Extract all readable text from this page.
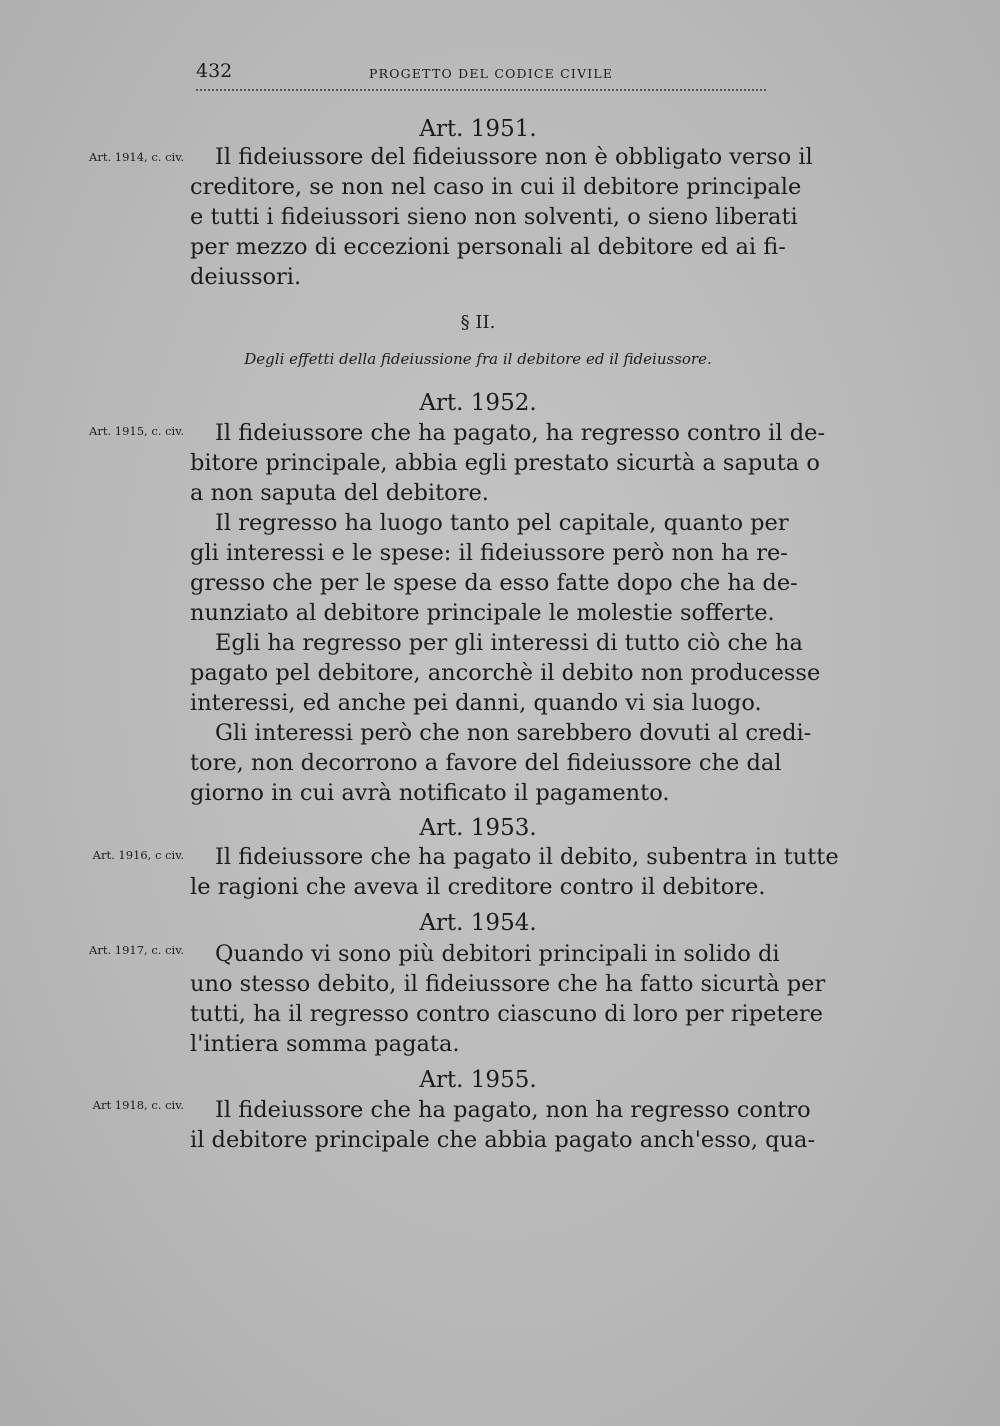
432	PROGETTO DEL CODICE CIVILE
Art. 1951.
Art. 1914, c. civ.	Il fideiussore del fideiussore non è obbligato verso il
creditore, se non nel caso in cui il debitore principale
e tutti i fideiussori sieno non solventi, o sieno liberati
per mezzo di eccezioni personali al debitore ed ai fi-
deiussori.
§ II.
Degli effetti della fideiussione fra il debitore ed il fideiussore.
Art. 1952.
Art. 1915, c. civ.	Il fideiussore che ha pagato, ha regresso contro il de-
bitore principale, abbia egli prestato sicurtà a saputa o
a non saputa del debitore.
Il regresso ha luogo tanto pel capitale, quanto per
gli interessi e le spese: il fideiussore però non ha re-
gresso che per le spese da esso fatte dopo che ha de-
nunziato al debitore principale le molestie sofferte.
Egli ha regresso per gli interessi di tutto ciò che ha
pagato pel debitore, ancorchè il debito non producesse
interessi, ed anche pei danni, quando vi sia luogo.
Gli interessi però che non sarebbero dovuti al credi-
tore, non decorrono a favore del fideiussore che dal
giorno in cui avrà notificato il pagamento.
Art. 1953.
Art. 1916, c civ.	Il fideiussore che ha pagato il debito, subentra in tutte
le ragioni che aveva il creditore contro il debitore.
Art. 1954.
Art. 1917, c. civ.	Quando vi sono più debitori principali in solido di
uno stesso debito, il fideiussore che ha fatto sicurtà per
tutti, ha il regresso contro ciascuno di loro per ripetere
l'intiera somma pagata.
Art. 1955.
Art 1918, c. civ.	Il fideiussore che ha pagato, non ha regresso contro
il debitore principale che abbia pagato anch'esso, qua-
